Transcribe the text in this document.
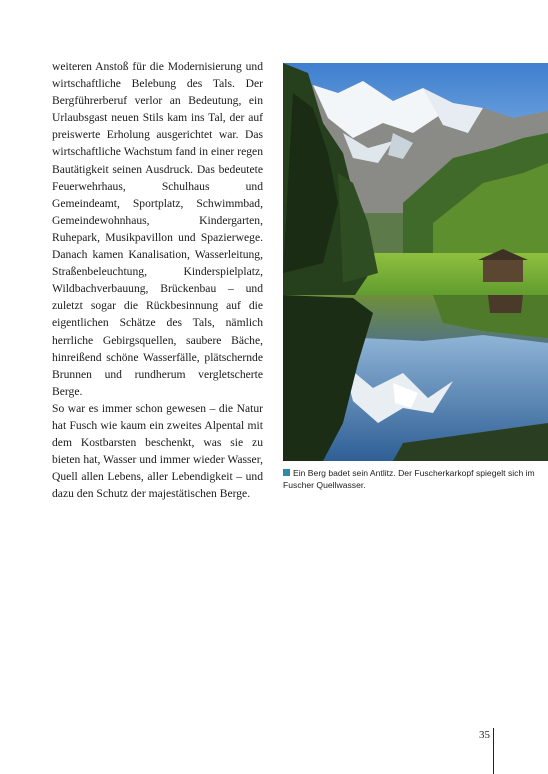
weiteren Anstoß für die Modernisierung und wirtschaftliche Belebung des Tals. Der Bergführerberuf verlor an Bedeutung, ein Urlaubsgast neuen Stils kam ins Tal, der auf preiswerte Erholung ausgerichtet war. Das wirtschaftliche Wachstum fand in einer regen Bautätigkeit seinen Ausdruck. Das bedeutete Feuerwehrhaus, Schulhaus und Gemeindeamt, Sportplatz, Schwimmbad, Gemeindewohnhaus, Kindergarten, Ruhepark, Musikpavillon und Spazierwege. Danach kamen Kanalisation, Wasserleitung, Straßenbeleuchtung, Kinderspielplatz, Wildbachverbauung, Brückenbau – und zuletzt sogar die Rückbesinnung auf die eigentlichen Schätze des Tals, nämlich herrliche Gebirgsquellen, saubere Bäche, hinreißend schöne Wasserfälle, plätschernde Brunnen und rundherum vergletscherte Berge.

So war es immer schon gewesen – die Natur hat Fusch wie kaum ein zweites Alpental mit dem Kostbarsten beschenkt, was sie zu bieten hat, Wasser und immer wieder Wasser, Quell allen Lebens, aller Lebendigkeit – und dazu den Schutz der majestätischen Berge.

Ein Berg badet sein Antlitz. Der Fuscherkarkopf spiegelt sich im Fuscher Quellwasser.
35
